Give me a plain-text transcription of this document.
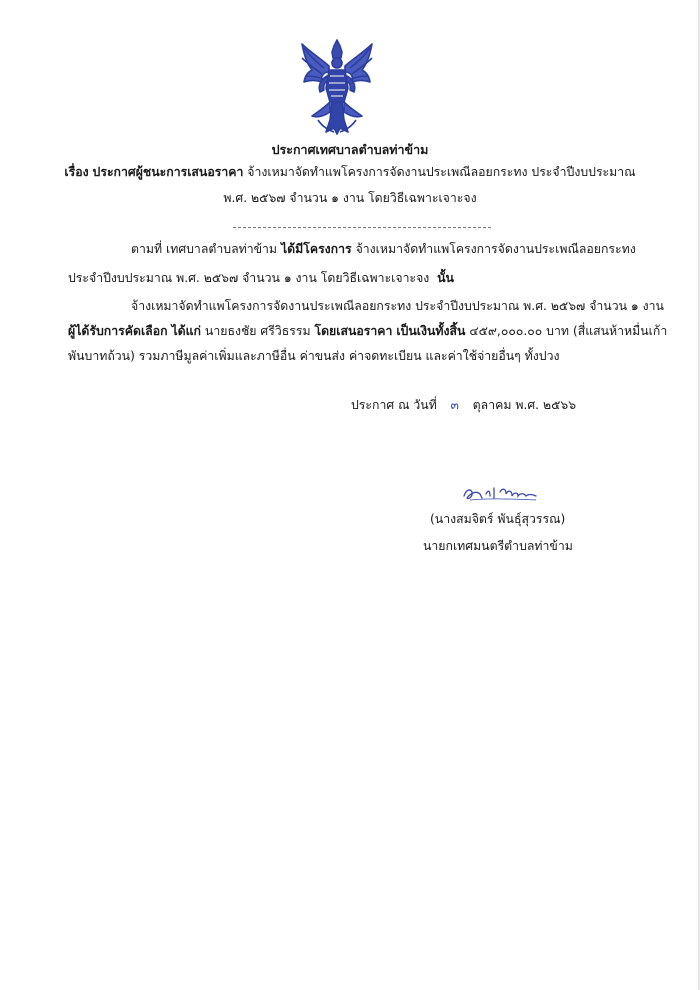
ประกาศเทศบาลตำบลท่าข้าม
เรื่อง ประกาศผู้ชนะการเสนอราคา จ้างเหมาจัดทำแพโครงการจัดงานประเพณีลอยกระทง ประจำปีงบประมาณ
พ.ศ. ๒๕๖๗ จำนวน ๑ งาน โดยวิธีเฉพาะเจาะจง
ตามที่ เทศบาลตำบลท่าข้าม ได้มีโครงการ จ้างเหมาจัดทำแพโครงการจัดงานประเพณีลอยกระทง
ประจำปีงบประมาณ พ.ศ. ๒๕๖๗ จำนวน ๑ งาน โดยวิธีเฉพาะเจาะจง นั้น
จ้างเหมาจัดทำแพโครงการจัดงานประเพณีลอยกระทง ประจำปีงบประมาณ พ.ศ. ๒๕๖๗ จำนวน ๑ งาน
ผู้ได้รับการคัดเลือก ได้แก่ นายธงชัย ศรีวิธรรม โดยเสนอราคา เป็นเงินทั้งสิ้น ๔๕๙,๐๐๐.๐๐ บาท (สี่แสนห้าหมื่นเก้า
พันบาทถ้วน) รวมภาษีมูลค่าเพิ่มและภาษีอื่น ค่าขนส่ง ค่าจดทะเบียน และค่าใช้จ่ายอื่นๆ ทั้งปวง
ประกาศ ณ วันที่ ๓ ตุลาคม พ.ศ. ๒๕๖๖
(นางสมจิตร์ พันธุ์สุวรรณ)
นายกเทศมนตรีตำบลท่าข้าม
